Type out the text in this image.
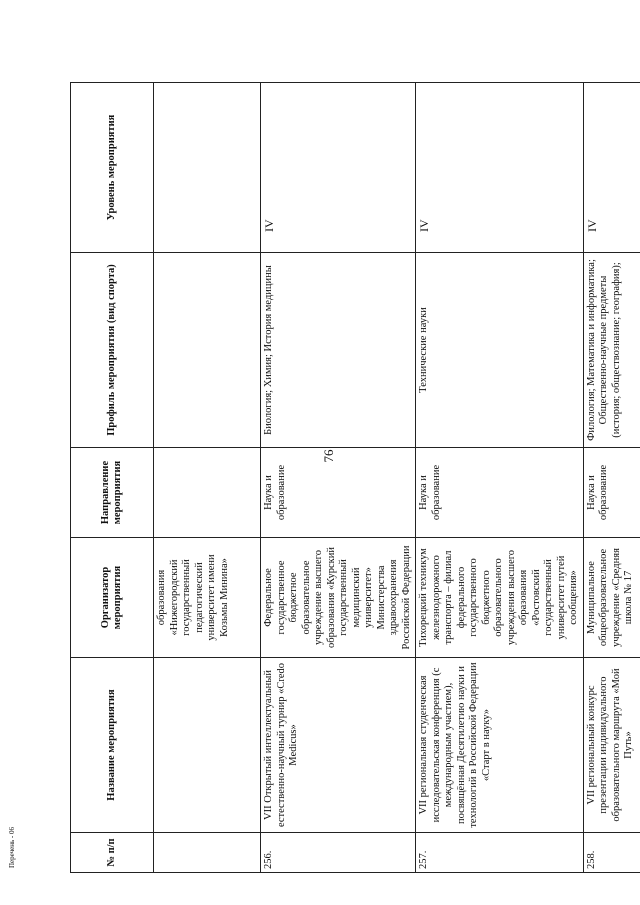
76
№ п/п	Название мероприятия	Организатор мероприятия	Направление мероприятия	Профиль мероприятия (вид спорта)	Уровень мероприятия
		образования «Нижегородский государственный педагогический университет имени Козьмы Минина»			
256.	VII Открытый интеллектуальный естественно-научный турнир «Credo Medicus»	Федеральное государственное бюджетное образовательное учреждение высшего образования «Курский государственный медицинский университет» Министерства здравоохранения Российской Федерации	Наука и образование	Биология; Химия; История медицины	IV
257.	VII региональная студенческая исследовательская конференция (с международным участием), посвящённая Десятилетию науки и технологий в Российской Федерации «Старт в науку»	Тихорецкий техникум железнодорожного транспорта – филиал федерального государственного бюджетного образовательного учреждения высшего образования «Ростовский государственный университет путей сообщения»	Наука и образование	Технические науки	IV
258.	VII региональный конкурс презентации индивидуального образовательного маршрута «Мой Путь»	Муниципальное общеобразовательное учреждение «Средняя школа № 17	Наука и образование	Филология; Математика и информатика; Общественно-научные предметы (история; обществознание; география);	IV
Перечень - 06
